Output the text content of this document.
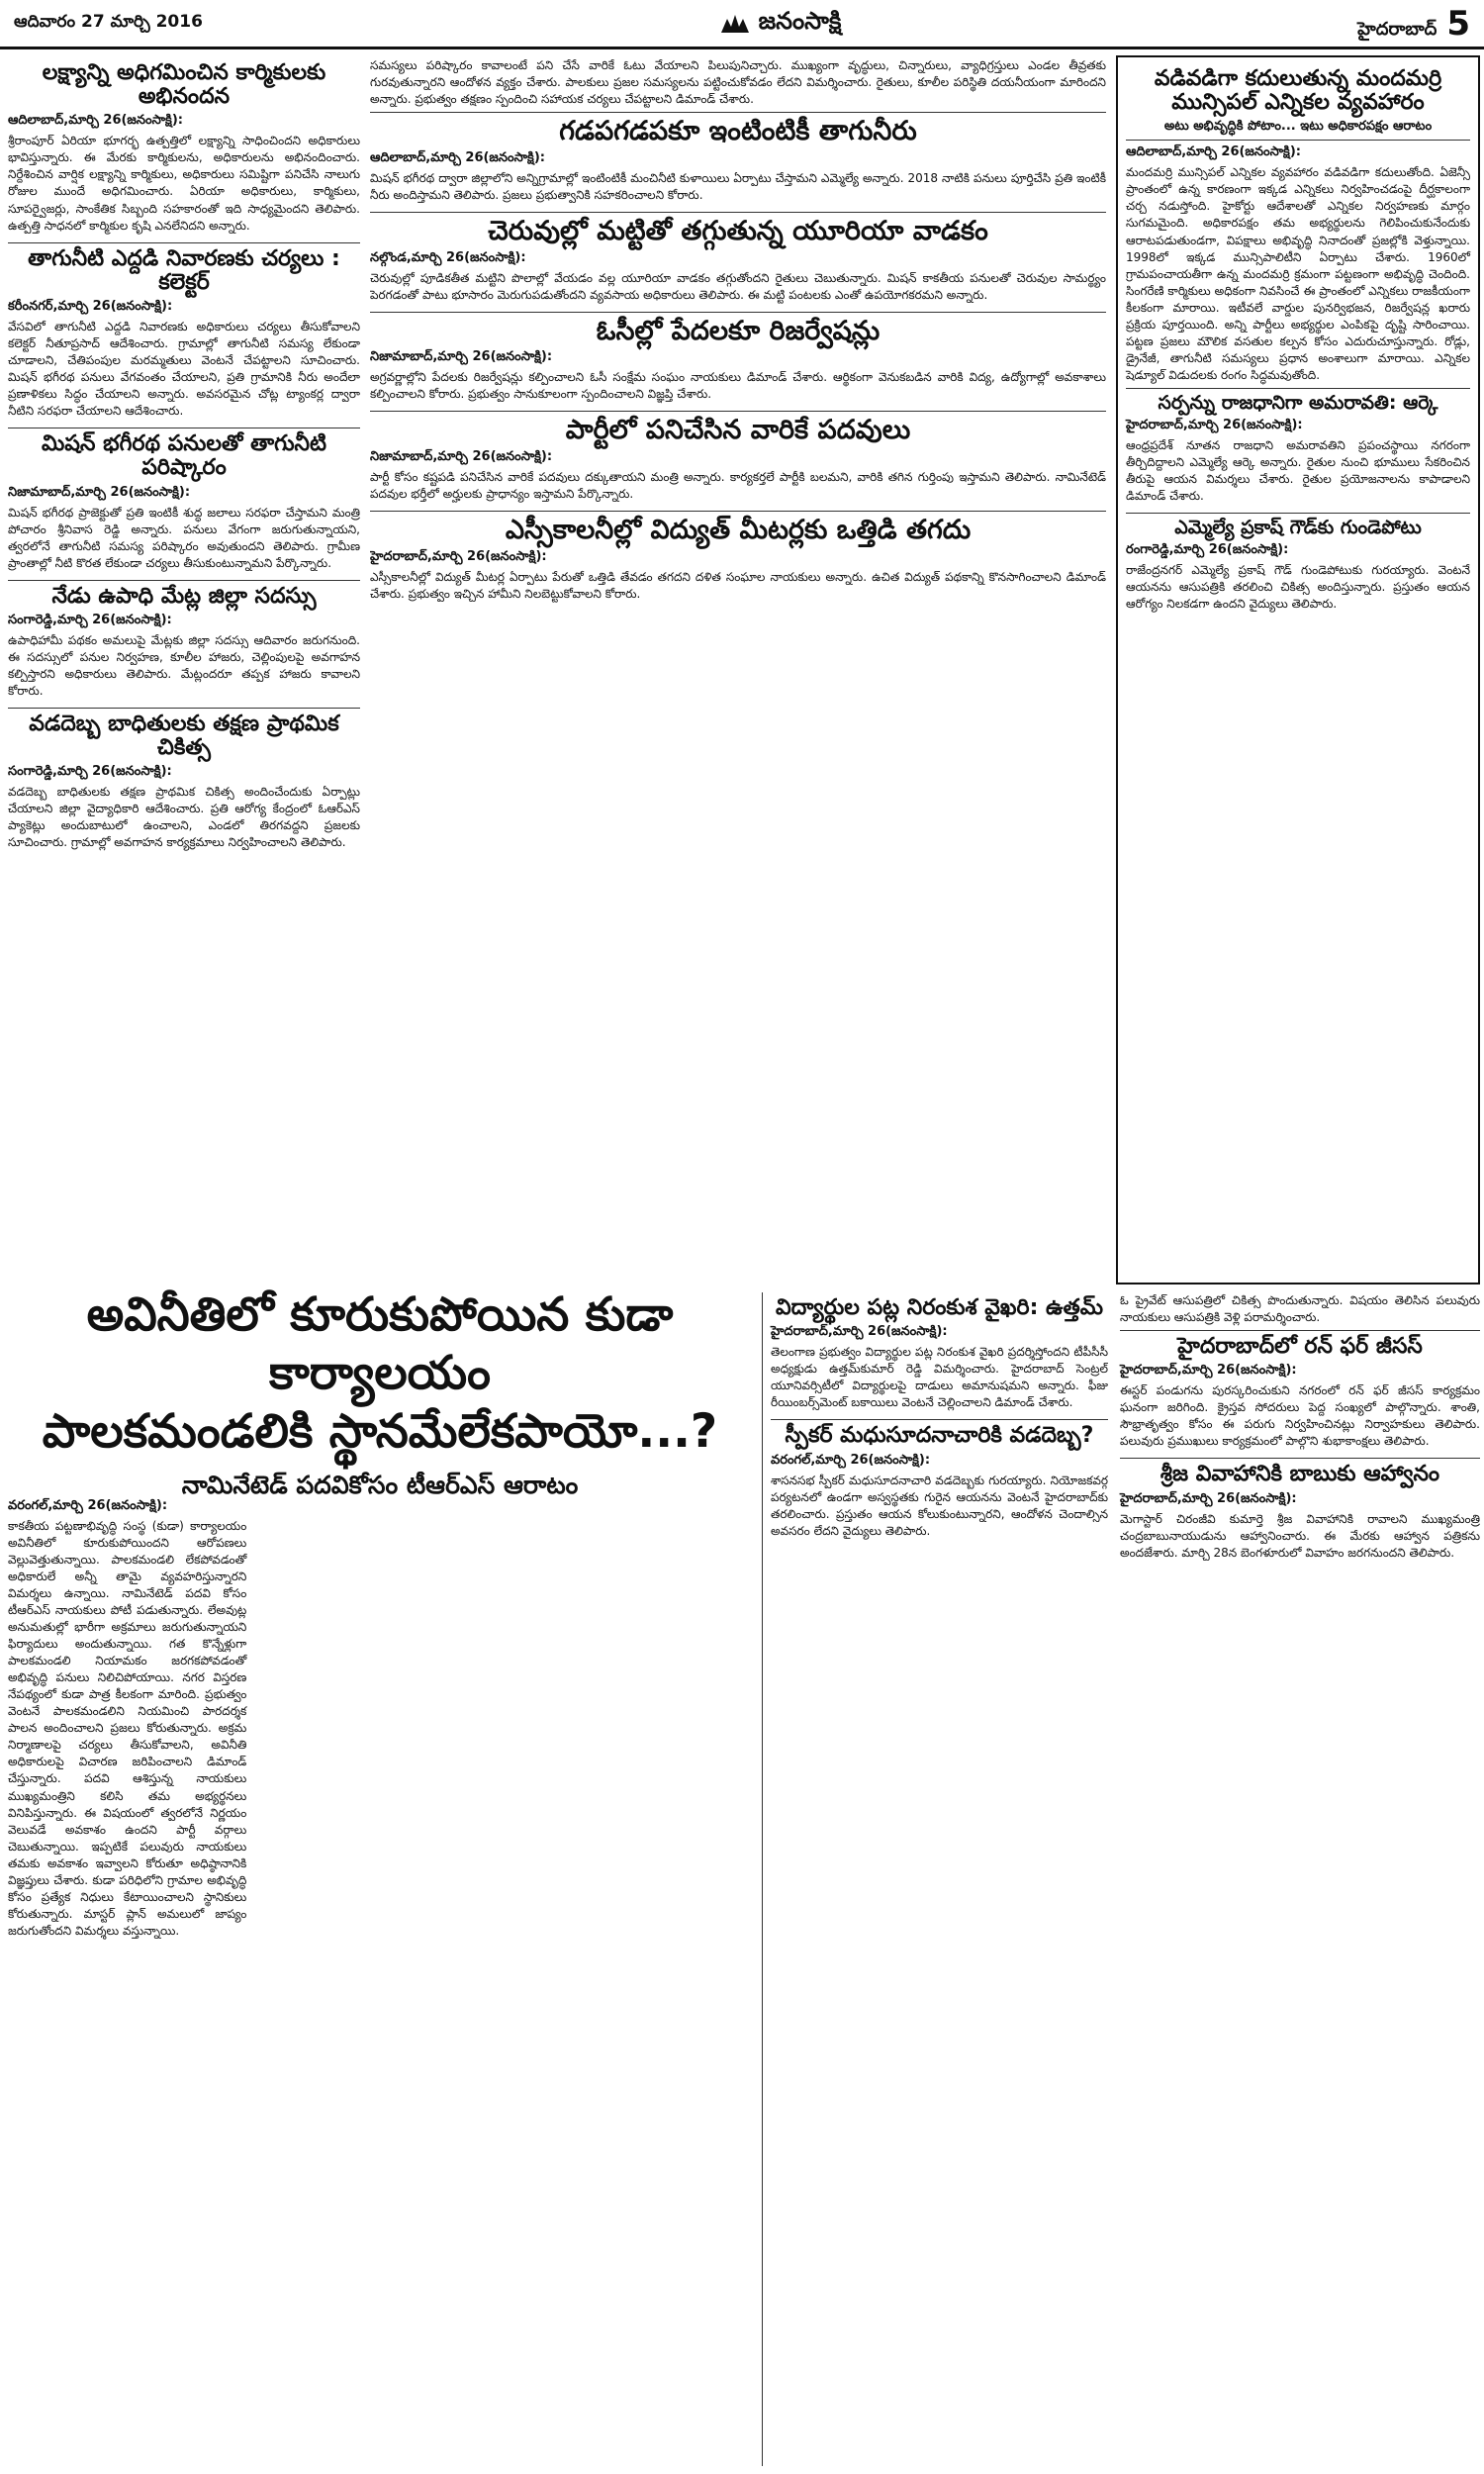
ఆదివారం 27 మార్చి 2016	జనంసాక్షి	హైదరాబాద్ 5
లక్ష్యాన్ని అధిగమించిన కార్మికులకు అభినందన
ఆదిలాబాద్,మార్చి 26(జనంసాక్షి):

శ్రీరాంపూర్ ఏరియా భూగర్భ ఉత్పత్తిలో లక్ష్యాన్ని సాధించిందని అధికారులు భావిస్తున్నారు. ఈ మేరకు కార్మికులను, అధికారులను అభినందించారు. నిర్దేశించిన వార్షిక లక్ష్యాన్ని కార్మికులు, అధికారులు సమిష్టిగా పనిచేసి నాలుగు రోజుల ముందే అధిగమించారు. ఏరియా అధికారులు, కార్మికులు, సూపర్వైజర్లు, సాంకేతిక సిబ్బంది సహకారంతో ఇది సాధ్యమైందని తెలిపారు. ఉత్పత్తి సాధనలో కార్మికుల కృషి ఎనలేనిదని అన్నారు.

తాగునీటి ఎద్దడి నివారణకు చర్యలు : కలెక్టర్
కరీంనగర్,మార్చి 26(జనంసాక్షి):

వేసవిలో తాగునీటి ఎద్దడి నివారణకు అధికారులు చర్యలు తీసుకోవాలని కలెక్టర్ నీతూప్రసాద్ ఆదేశించారు. గ్రామాల్లో తాగునీటి సమస్య లేకుండా చూడాలని, చేతిపంపుల మరమ్మతులు వెంటనే చేపట్టాలని సూచించారు. మిషన్ భగీరథ పనులు వేగవంతం చేయాలని, ప్రతి గ్రామానికి నీరు అందేలా ప్రణాళికలు సిద్ధం చేయాలని అన్నారు. అవసరమైన చోట్ల ట్యాంకర్ల ద్వారా నీటిని సరఫరా చేయాలని ఆదేశించారు.

మిషన్ భగీరథ పనులతో తాగునీటి పరిష్కారం
నిజామాబాద్,మార్చి 26(జనంసాక్షి):

మిషన్ భగీరథ ప్రాజెక్టుతో ప్రతి ఇంటికీ శుద్ధ జలాలు సరఫరా చేస్తామని మంత్రి పోచారం శ్రీనివాస రెడ్డి అన్నారు. పనులు వేగంగా జరుగుతున్నాయని, త్వరలోనే తాగునీటి సమస్య పరిష్కారం అవుతుందని తెలిపారు. గ్రామీణ ప్రాంతాల్లో నీటి కొరత లేకుండా చర్యలు తీసుకుంటున్నామని పేర్కొన్నారు.

నేడు ఉపాధి మేట్ల జిల్లా సదస్సు
సంగారెడ్డి,మార్చి 26(జనంసాక్షి):

ఉపాధిహామీ పథకం అమలుపై మేట్లకు జిల్లా సదస్సు ఆదివారం జరుగనుంది. ఈ సదస్సులో పనుల నిర్వహణ, కూలీల హాజరు, చెల్లింపులపై అవగాహన కల్పిస్తారని అధికారులు తెలిపారు. మేట్లందరూ తప్పక హాజరు కావాలని కోరారు.

వడదెబ్బ బాధితులకు తక్షణ ప్రాథమిక చికిత్స
సంగారెడ్డి,మార్చి 26(జనంసాక్షి):

వడదెబ్బ బాధితులకు తక్షణ ప్రాథమిక చికిత్స అందించేందుకు ఏర్పాట్లు చేయాలని జిల్లా వైద్యాధికారి ఆదేశించారు. ప్రతి ఆరోగ్య కేంద్రంలో ఓఆర్ఎస్ ప్యాకెట్లు అందుబాటులో ఉంచాలని, ఎండలో తిరగవద్దని ప్రజలకు సూచించారు. గ్రామాల్లో అవగాహన కార్యక్రమాలు నిర్వహించాలని తెలిపారు.

సమస్యలు పరిష్కారం కావాలంటే పని చేసే వారికే ఓటు వేయాలని పిలుపునిచ్చారు. ముఖ్యంగా వృద్ధులు, చిన్నారులు, వ్యాధిగ్రస్తులు ఎండల తీవ్రతకు గురవుతున్నారని ఆందోళన వ్యక్తం చేశారు. పాలకులు ప్రజల సమస్యలను పట్టించుకోవడం లేదని విమర్శించారు. రైతులు, కూలీల పరిస్థితి దయనీయంగా మారిందని అన్నారు. ప్రభుత్వం తక్షణం స్పందించి సహాయక చర్యలు చేపట్టాలని డిమాండ్ చేశారు.

గడపగడపకూ ఇంటింటికీ తాగునీరు
ఆదిలాబాద్,మార్చి 26(జనంసాక్షి):

మిషన్ భగీరథ ద్వారా జిల్లాలోని అన్నిగ్రామాల్లో ఇంటింటికీ మంచినీటి కుళాయిలు ఏర్పాటు చేస్తామని ఎమ్మెల్యే అన్నారు. 2018 నాటికి పనులు పూర్తిచేసి ప్రతి ఇంటికీ నీరు అందిస్తామని తెలిపారు. ప్రజలు ప్రభుత్వానికి సహకరించాలని కోరారు.

చెరువుల్లో మట్టితో తగ్గుతున్న యూరియా వాడకం
నల్గొండ,మార్చి 26(జనంసాక్షి):

చెరువుల్లో పూడికతీత మట్టిని పొలాల్లో వేయడం వల్ల యూరియా వాడకం తగ్గుతోందని రైతులు చెబుతున్నారు. మిషన్ కాకతీయ పనులతో చెరువుల సామర్థ్యం పెరగడంతో పాటు భూసారం మెరుగుపడుతోందని వ్యవసాయ అధికారులు తెలిపారు. ఈ మట్టి పంటలకు ఎంతో ఉపయోగకరమని అన్నారు.

ఓసీల్లో పేదలకూ రిజర్వేషన్లు
నిజామాబాద్,మార్చి 26(జనంసాక్షి):

అగ్రవర్ణాల్లోని పేదలకు రిజర్వేషన్లు కల్పించాలని ఓసీ సంక్షేమ సంఘం నాయకులు డిమాండ్ చేశారు. ఆర్థికంగా వెనుకబడిన వారికి విద్య, ఉద్యోగాల్లో అవకాశాలు కల్పించాలని కోరారు. ప్రభుత్వం సానుకూలంగా స్పందించాలని విజ్ఞప్తి చేశారు.

పార్టీలో పనిచేసిన వారికే పదవులు
నిజామాబాద్,మార్చి 26(జనంసాక్షి):

పార్టీ కోసం కష్టపడి పనిచేసిన వారికే పదవులు దక్కుతాయని మంత్రి అన్నారు. కార్యకర్తలే పార్టీకి బలమని, వారికి తగిన గుర్తింపు ఇస్తామని తెలిపారు. నామినేటెడ్ పదవుల భర్తీలో అర్హులకు ప్రాధాన్యం ఇస్తామని పేర్కొన్నారు.

ఎస్సీకాలనీల్లో విద్యుత్ మీటర్లకు ఒత్తిడి తగదు
హైదరాబాద్,మార్చి 26(జనంసాక్షి):

ఎస్సీకాలనీల్లో విద్యుత్ మీటర్ల ఏర్పాటు పేరుతో ఒత్తిడి తేవడం తగదని దళిత సంఘాల నాయకులు అన్నారు. ఉచిత విద్యుత్ పథకాన్ని కొనసాగించాలని డిమాండ్ చేశారు. ప్రభుత్వం ఇచ్చిన హామీని నిలబెట్టుకోవాలని కోరారు.

వడివడిగా కదులుతున్న మందమర్రి మున్సిపల్ ఎన్నికల వ్యవహారం
అటు అభివృద్ధికి పోటాం... ఇటు అధికారపక్షం ఆరాటం
ఆదిలాబాద్,మార్చి 26(జనంసాక్షి):

మందమర్రి మున్సిపల్ ఎన్నికల వ్యవహారం వడివడిగా కదులుతోంది. ఏజెన్సీ ప్రాంతంలో ఉన్న కారణంగా ఇక్కడ ఎన్నికలు నిర్వహించడంపై దీర్ఘకాలంగా చర్చ నడుస్తోంది. హైకోర్టు ఆదేశాలతో ఎన్నికల నిర్వహణకు మార్గం సుగమమైంది. అధికారపక్షం తమ అభ్యర్థులను గెలిపించుకునేందుకు ఆరాటపడుతుండగా, విపక్షాలు అభివృద్ధి నినాదంతో ప్రజల్లోకి వెళ్తున్నాయి. 1998లో ఇక్కడ మున్సిపాలిటీని ఏర్పాటు చేశారు. 1960లో గ్రామపంచాయతీగా ఉన్న మందమర్రి క్రమంగా పట్టణంగా అభివృద్ధి చెందింది. సింగరేణి కార్మికులు అధికంగా నివసించే ఈ ప్రాంతంలో ఎన్నికలు రాజకీయంగా కీలకంగా మారాయి. ఇటీవలే వార్డుల పునర్విభజన, రిజర్వేషన్ల ఖరారు ప్రక్రియ పూర్తయింది. అన్ని పార్టీలు అభ్యర్థుల ఎంపికపై దృష్టి సారించాయి. పట్టణ ప్రజలు మౌలిక వసతుల కల్పన కోసం ఎదురుచూస్తున్నారు. రోడ్లు, డ్రైనేజీ, తాగునీటి సమస్యలు ప్రధాన అంశాలుగా మారాయి. ఎన్నికల షెడ్యూల్ విడుదలకు రంగం సిద్ధమవుతోంది.

సర్పన్ను రాజధానిగా అమరావతి: ఆర్కె
హైదరాబాద్,మార్చి 26(జనంసాక్షి):

ఆంధ్రప్రదేశ్ నూతన రాజధాని అమరావతిని ప్రపంచస్థాయి నగరంగా తీర్చిదిద్దాలని ఎమ్మెల్యే ఆర్కె అన్నారు. రైతుల నుంచి భూములు సేకరించిన తీరుపై ఆయన విమర్శలు చేశారు. రైతుల ప్రయోజనాలను కాపాడాలని డిమాండ్ చేశారు.

ఎమ్మెల్యే ప్రకాష్ గౌడ్‌కు గుండెపోటు
రంగారెడ్డి,మార్చి 26(జనంసాక్షి):

రాజేంద్రనగర్ ఎమ్మెల్యే ప్రకాష్ గౌడ్ గుండెపోటుకు గురయ్యారు. వెంటనే ఆయనను ఆసుపత్రికి తరలించి చికిత్స అందిస్తున్నారు. ప్రస్తుతం ఆయన ఆరోగ్యం నిలకడగా ఉందని వైద్యులు తెలిపారు.

అవినీతిలో కూరుకుపోయిన కుడా కార్యాలయం
పాలకమండలికి స్థానమేలేకపాయో...?
నామినేటెడ్ పదవికోసం టీఆర్ఎస్ ఆరాటం
వరంగల్,మార్చి 26(జనంసాక్షి):

కాకతీయ పట్టణాభివృద్ధి సంస్థ (కుడా) కార్యాలయం అవినీతిలో కూరుకుపోయిందని ఆరోపణలు వెల్లువెత్తుతున్నాయి. పాలకమండలి లేకపోవడంతో అధికారులే అన్నీ తామై వ్యవహరిస్తున్నారని విమర్శలు ఉన్నాయి. నామినేటెడ్ పదవి కోసం టీఆర్ఎస్ నాయకులు పోటీ పడుతున్నారు. లేఅవుట్ల అనుమతుల్లో భారీగా అక్రమాలు జరుగుతున్నాయని ఫిర్యాదులు అందుతున్నాయి. గత కొన్నేళ్లుగా పాలకమండలి నియామకం జరగకపోవడంతో అభివృద్ధి పనులు నిలిచిపోయాయి. నగర విస్తరణ నేపథ్యంలో కుడా పాత్ర కీలకంగా మారింది. ప్రభుత్వం వెంటనే పాలకమండలిని నియమించి పారదర్శక పాలన అందించాలని ప్రజలు కోరుతున్నారు. అక్రమ నిర్మాణాలపై చర్యలు తీసుకోవాలని, అవినీతి అధికారులపై విచారణ జరిపించాలని డిమాండ్ చేస్తున్నారు. పదవి ఆశిస్తున్న నాయకులు ముఖ్యమంత్రిని కలిసి తమ అభ్యర్థనలు వినిపిస్తున్నారు. ఈ విషయంలో త్వరలోనే నిర్ణయం వెలువడే అవకాశం ఉందని పార్టీ వర్గాలు చెబుతున్నాయి. ఇప్పటికే పలువురు నాయకులు తమకు అవకాశం ఇవ్వాలని కోరుతూ అధిష్ఠానానికి విజ్ఞప్తులు చేశారు. కుడా పరిధిలోని గ్రామాల అభివృద్ధి కోసం ప్రత్యేక నిధులు కేటాయించాలని స్థానికులు కోరుతున్నారు. మాస్టర్ ప్లాన్ అమలులో జాప్యం జరుగుతోందని విమర్శలు వస్తున్నాయి.

విద్యార్థుల పట్ల నిరంకుశ వైఖరి: ఉత్తమ్
హైదరాబాద్,మార్చి 26(జనంసాక్షి):

తెలంగాణ ప్రభుత్వం విద్యార్థుల పట్ల నిరంకుశ వైఖరి ప్రదర్శిస్తోందని టీపీసీసీ అధ్యక్షుడు ఉత్తమ్‌కుమార్ రెడ్డి విమర్శించారు. హైదరాబాద్ సెంట్రల్ యూనివర్సిటీలో విద్యార్థులపై దాడులు అమానుషమని అన్నారు. ఫీజు రీయింబర్స్‌మెంట్ బకాయిలు వెంటనే చెల్లించాలని డిమాండ్ చేశారు.

స్పీకర్ మధుసూదనాచారికి వడదెబ్బ?
వరంగల్,మార్చి 26(జనంసాక్షి):

శాసనసభ స్పీకర్ మధుసూదనాచారి వడదెబ్బకు గురయ్యారు. నియోజకవర్గ పర్యటనలో ఉండగా అస్వస్థతకు గురైన ఆయనను వెంటనే హైదరాబాద్‌కు తరలించారు. ప్రస్తుతం ఆయన కోలుకుంటున్నారని, ఆందోళన చెందాల్సిన అవసరం లేదని వైద్యులు తెలిపారు.

ఓ ప్రైవేట్ ఆసుపత్రిలో చికిత్స పొందుతున్నారు. విషయం తెలిసిన పలువురు నాయకులు ఆసుపత్రికి వెళ్లి పరామర్శించారు.

హైదరాబాద్‌లో రన్ ఫర్ జీసస్
హైదరాబాద్,మార్చి 26(జనంసాక్షి):

ఈస్టర్ పండుగను పురస్కరించుకుని నగరంలో రన్ ఫర్ జీసస్ కార్యక్రమం ఘనంగా జరిగింది. క్రైస్తవ సోదరులు పెద్ద సంఖ్యలో పాల్గొన్నారు. శాంతి, సౌభ్రాతృత్వం కోసం ఈ పరుగు నిర్వహించినట్లు నిర్వాహకులు తెలిపారు. పలువురు ప్రముఖులు కార్యక్రమంలో పాల్గొని శుభాకాంక్షలు తెలిపారు.

శ్రీజ వివాహానికి బాబుకు ఆహ్వానం
హైదరాబాద్,మార్చి 26(జనంసాక్షి):

మెగాస్టార్ చిరంజీవి కుమార్తె శ్రీజ వివాహానికి రావాలని ముఖ్యమంత్రి చంద్రబాబునాయుడును ఆహ్వానించారు. ఈ మేరకు ఆహ్వాన పత్రికను అందజేశారు. మార్చి 28న బెంగళూరులో వివాహం జరగనుందని తెలిపారు.
